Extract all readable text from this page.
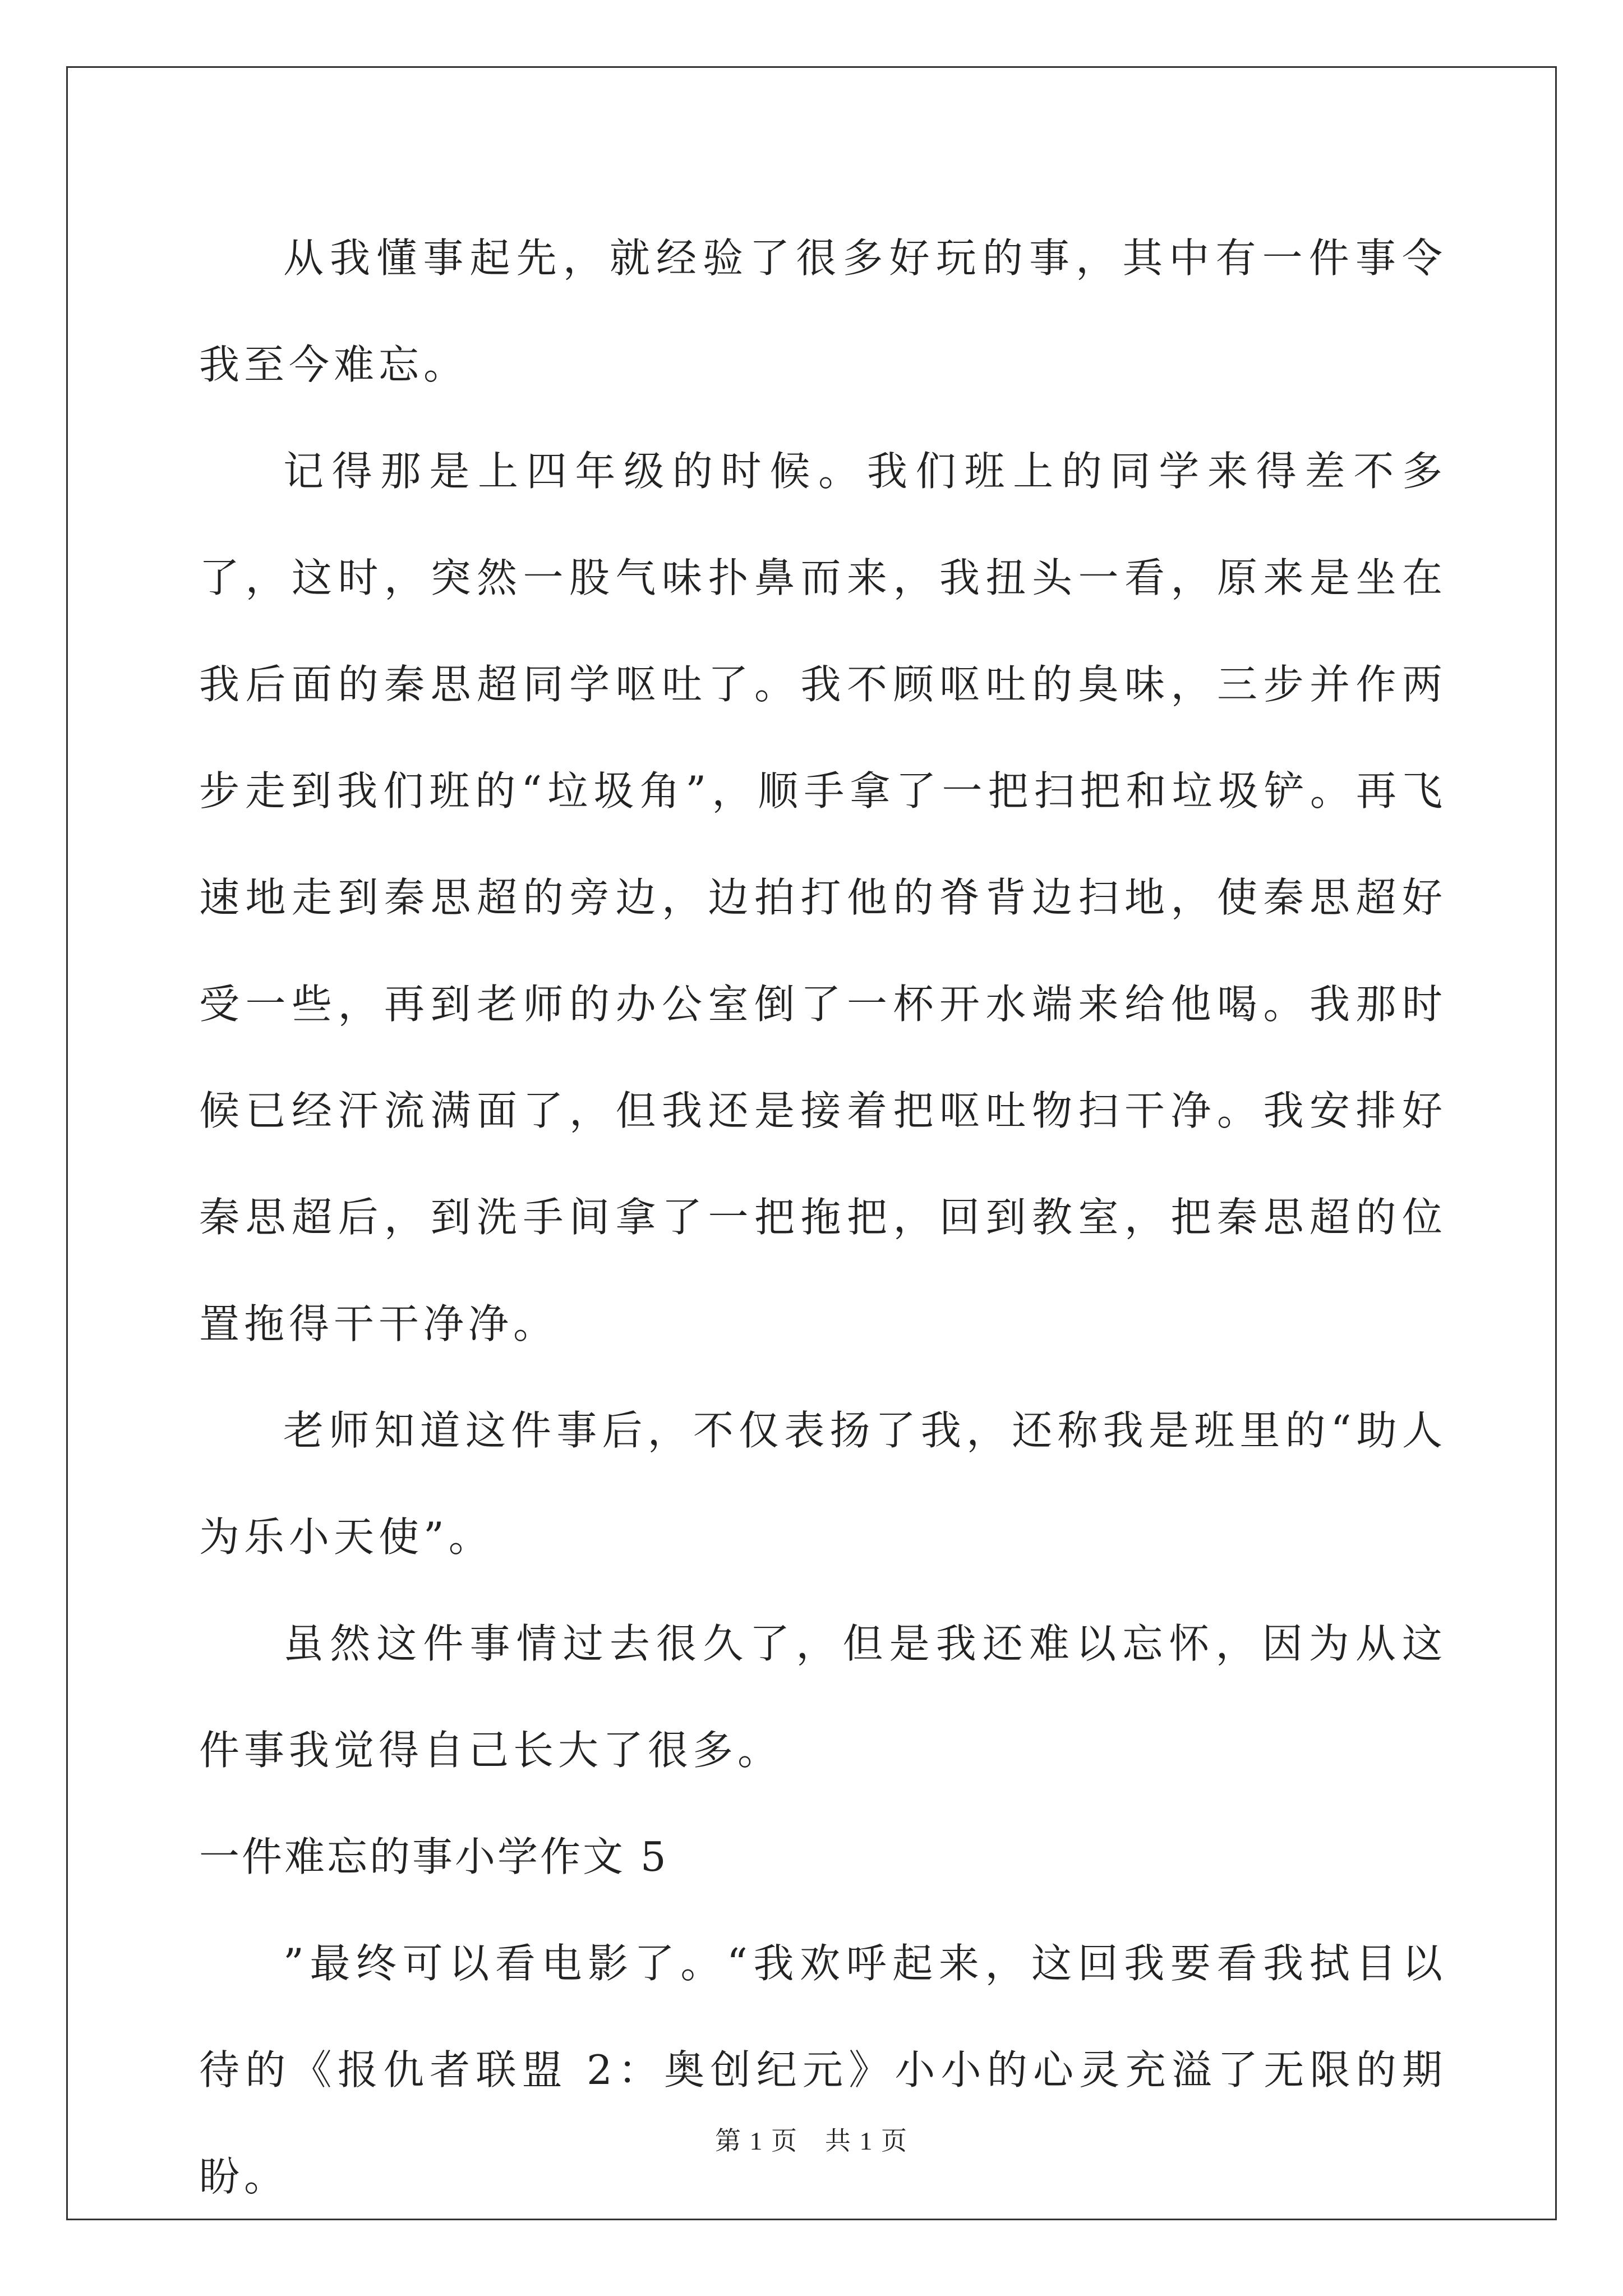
从我懂事起先，就经验了很多好玩的事，其中有一件事令我至今难忘。

记得那是上四年级的时候。我们班上的同学来得差不多了，这时，突然一股气味扑鼻而来，我扭头一看，原来是坐在我后面的秦思超同学呕吐了。我不顾呕吐的臭味，三步并作两步走到我们班的“垃圾角”，顺手拿了一把扫把和垃圾铲。再飞速地走到秦思超的旁边，边拍打他的脊背边扫地，使秦思超好受一些，再到老师的办公室倒了一杯开水端来给他喝。我那时候已经汗流满面了，但我还是接着把呕吐物扫干净。我安排好秦思超后，到洗手间拿了一把拖把，回到教室，把秦思超的位置拖得干干净净。

老师知道这件事后，不仅表扬了我，还称我是班里的“助人为乐小天使”。

虽然这件事情过去很久了，但是我还难以忘怀，因为从这件事我觉得自己长大了很多。

一件难忘的事小学作文 5

”最终可以看电影了。“我欢呼起来，这回我要看我拭目以待的《报仇者联盟 2：奥创纪元》小小的心灵充溢了无限的期盼。

第 1 页　共 1 页
